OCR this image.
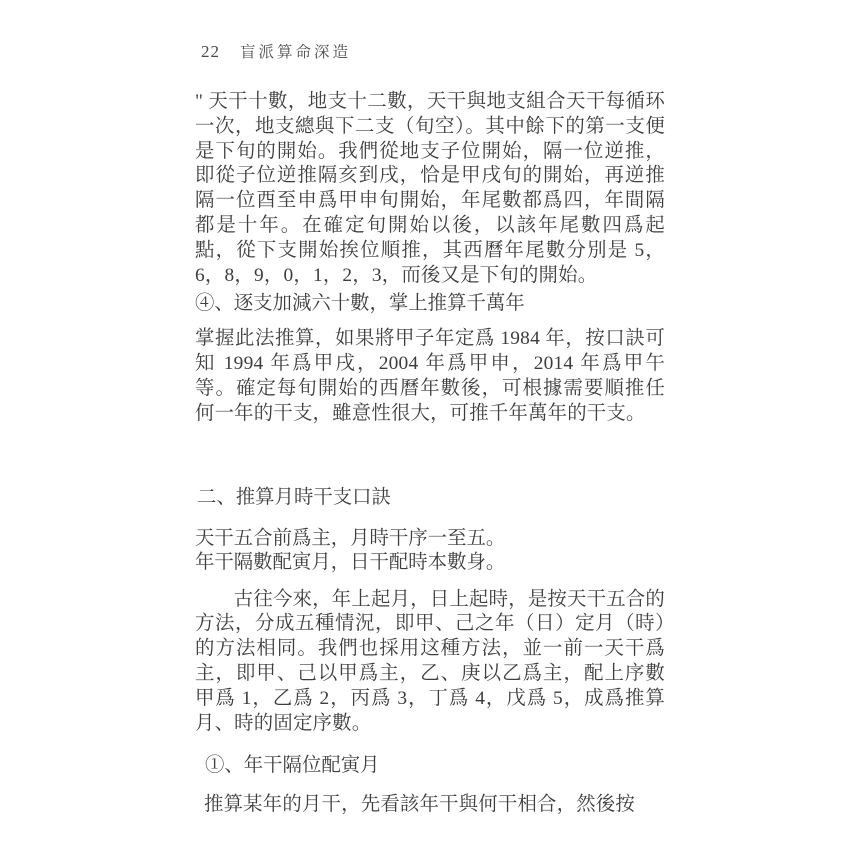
22 盲派算命深造

" 天干十數，地支十二數，天干與地支組合天干每循环一次，地支總與下二支（旬空）。其中餘下的第一支便是下旬的開始。我們從地支子位開始，隔一位逆推，即從子位逆推隔亥到戌，恰是甲戌旬的開始，再逆推隔一位酉至申爲甲申旬開始，年尾數都爲四，年間隔都是十年。在確定旬開始以後，以該年尾數四爲起點，從下支開始挨位順推，其西曆年尾數分別是 5，6，8，9，0，1，2，3，而後又是下旬的開始。

④、逐支加減六十數，掌上推算千萬年

掌握此法推算，如果將甲子年定爲 1984 年，按口訣可知 1994 年爲甲戌，2004 年爲甲申，2014 年爲甲午等。確定每旬開始的西曆年數後，可根據需要順推任何一年的干支，雖意性很大，可推千年萬年的干支。

二、推算月時干支口訣

天干五合前爲主，月時干序一至五。

年干隔數配寅月，日干配時本數身。

古往今來，年上起月，日上起時，是按天干五合的方法，分成五種情況，即甲、己之年（日）定月（時）的方法相同。我們也採用这種方法，並一前一天干爲主，即甲、己以甲爲主，乙、庚以乙爲主，配上序數甲爲 1，乙爲 2，丙爲 3，丁爲 4，戊爲 5，成爲推算月、時的固定序數。

①、年干隔位配寅月

推算某年的月干，先看該年干與何干相合，然後按
